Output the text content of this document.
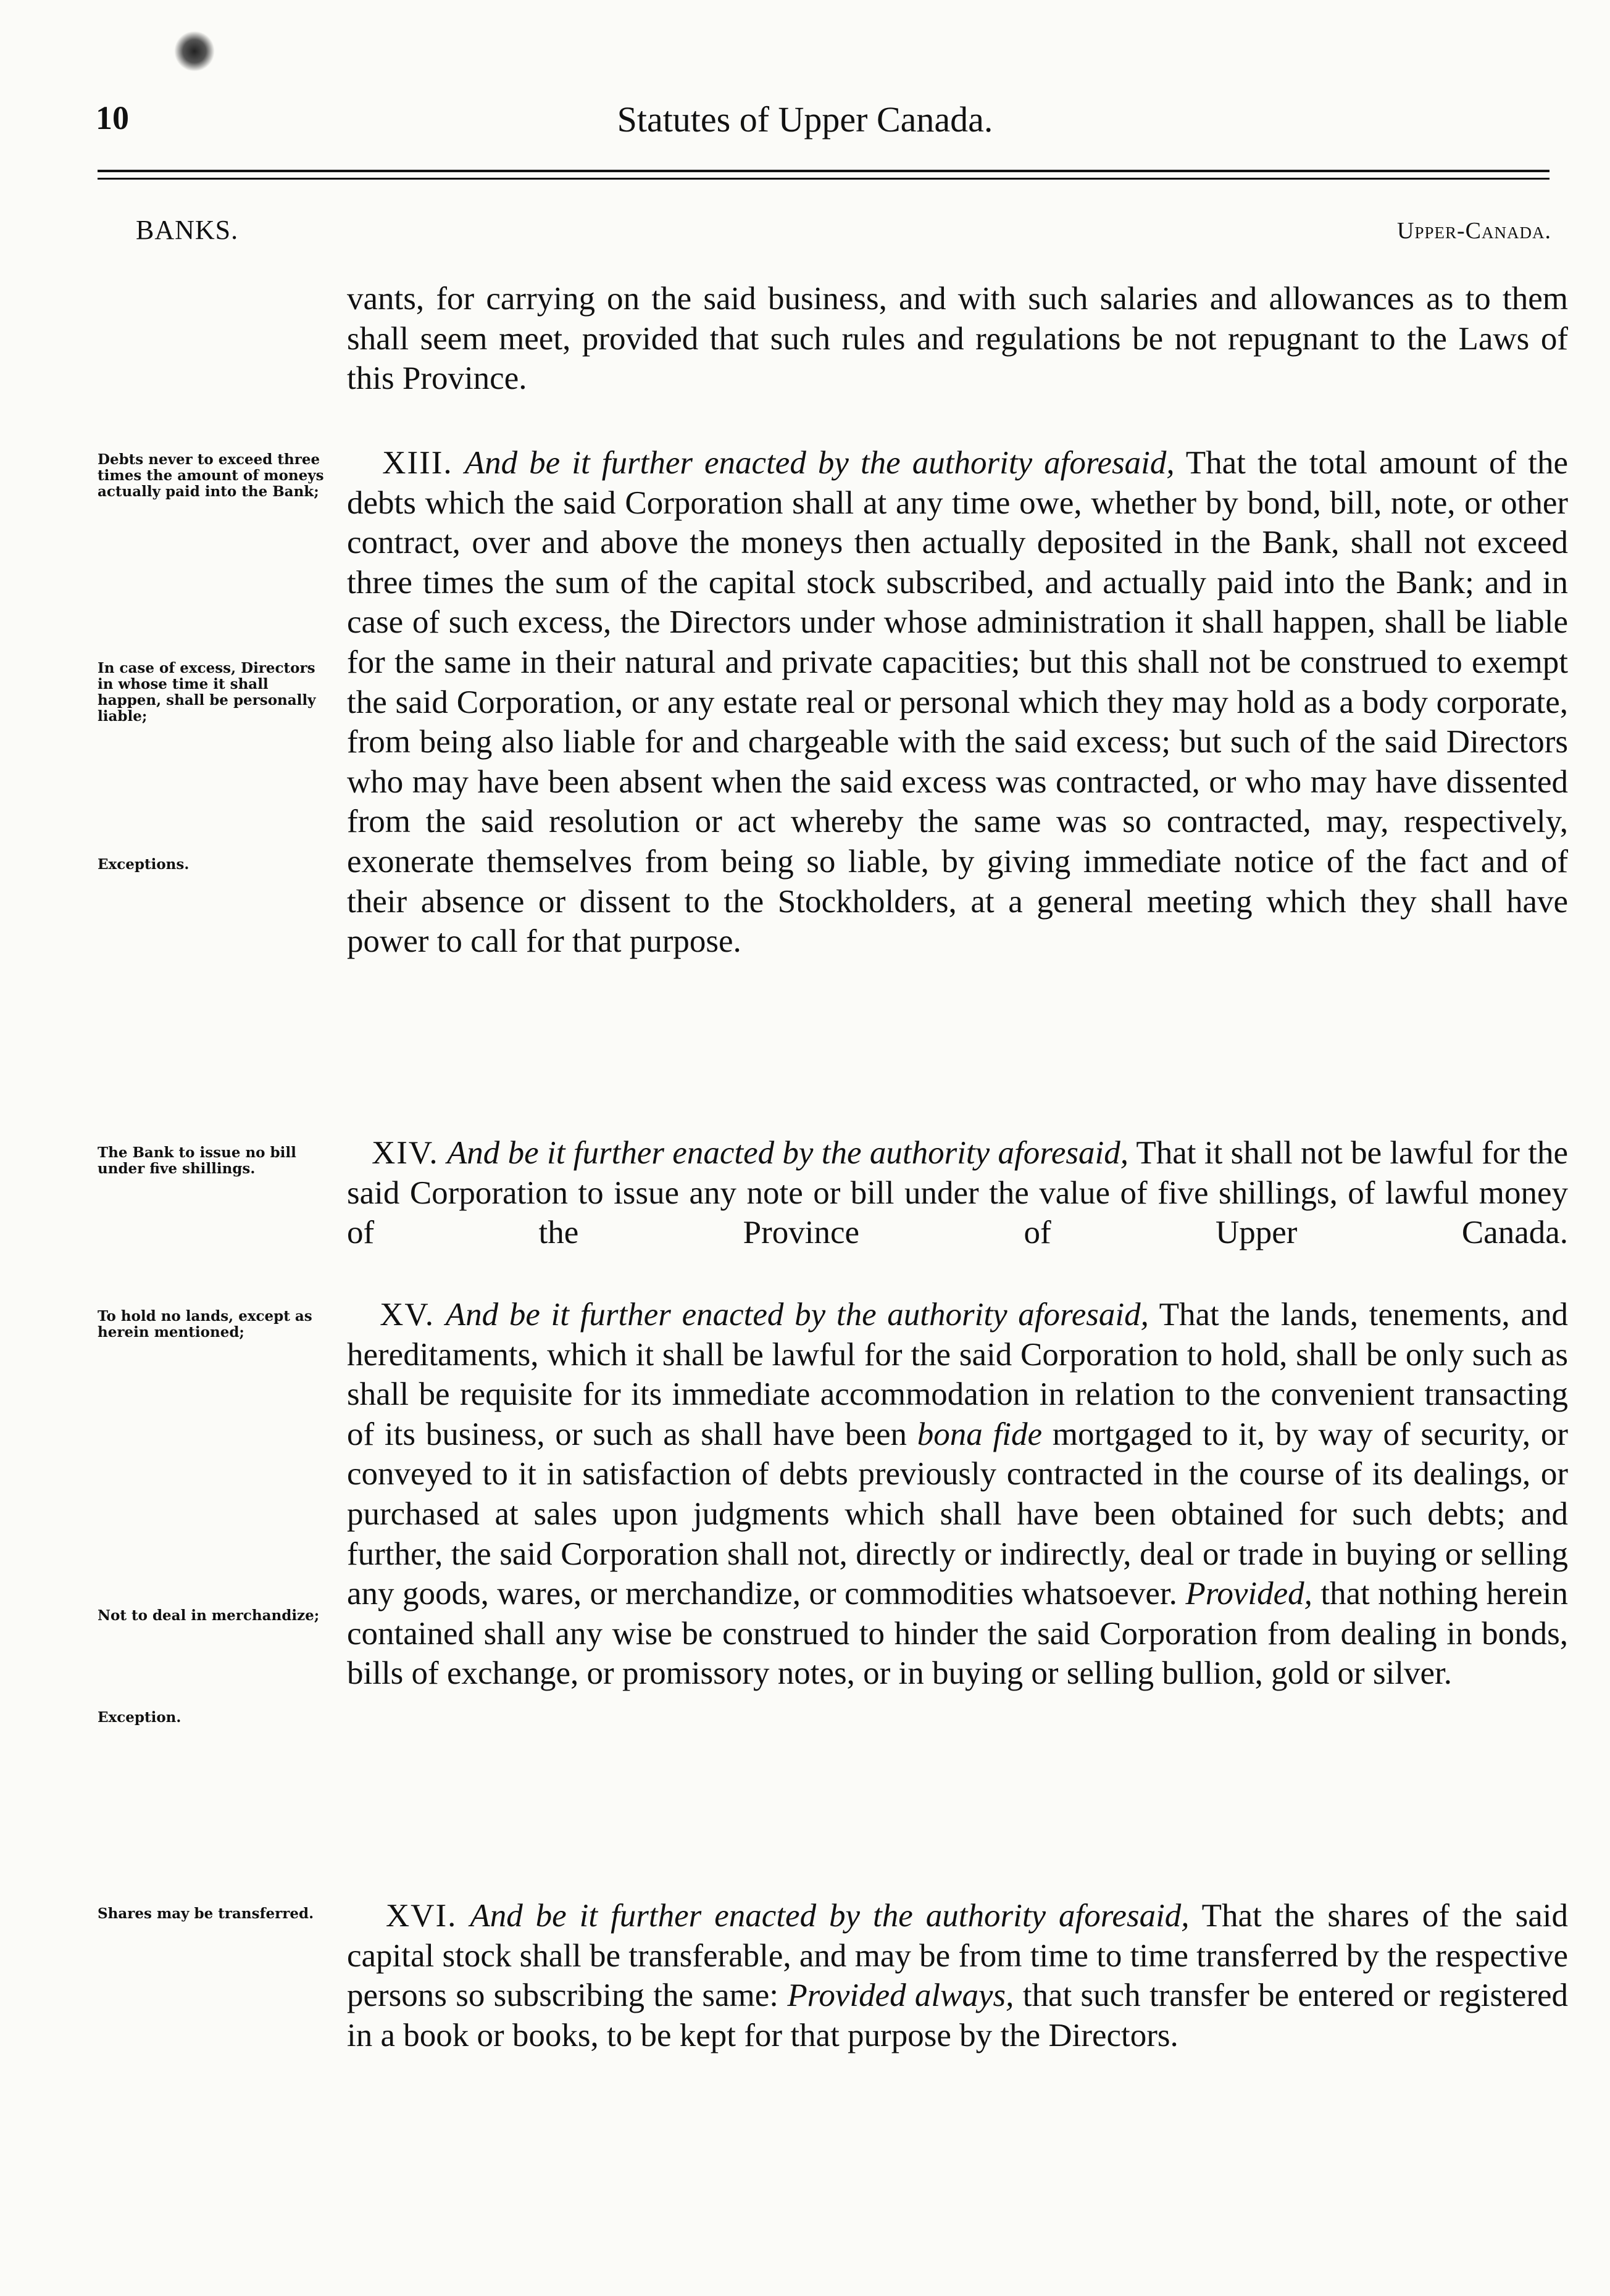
10	Statutes of Upper Canada.
BANKS.	Upper-Canada.
Debts never to exceed three times the amount of moneys actually paid into the Bank;
In case of excess, Directors in whose time it shall happen, shall be personally liable;
Exceptions.
The Bank to issue no bill under five shillings.
To hold no lands, except as herein mentioned;
Not to deal in merchandize;
Exception.
Shares may be transferred.
vants, for carrying on the said business, and with such salaries and allowances as to them shall seem meet, provided that such rules and regulations be not repugnant to the Laws of this Province.
XIII. And be it further enacted by the authority aforesaid, That the total amount of the debts which the said Corporation shall at any time owe, whether by bond, bill, note, or other contract, over and above the moneys then actually deposited in the Bank, shall not exceed three times the sum of the capital stock subscribed, and actually paid into the Bank; and in case of such excess, the Directors under whose administration it shall happen, shall be liable for the same in their natural and private capacities; but this shall not be construed to exempt the said Corporation, or any estate real or personal which they may hold as a body corporate, from being also liable for and chargeable with the said excess; but such of the said Directors who may have been absent when the said excess was contracted, or who may have dissented from the said resolution or act whereby the same was so contracted, may, respectively, exonerate themselves from being so liable, by giving immediate notice of the fact and of their absence or dissent to the Stockholders, at a general meeting which they shall have power to call for that purpose.
XIV. And be it further enacted by the authority aforesaid, That it shall not be lawful for the said Corporation to issue any note or bill under the value of five shillings, of lawful money of the Province of Upper Canada.
XV. And be it further enacted by the authority aforesaid, That the lands, tenements, and hereditaments, which it shall be lawful for the said Corporation to hold, shall be only such as shall be requisite for its immediate accommodation in relation to the convenient transacting of its business, or such as shall have been bona fide mortgaged to it, by way of security, or conveyed to it in satisfaction of debts previously contracted in the course of its dealings, or purchased at sales upon judgments which shall have been obtained for such debts; and further, the said Corporation shall not, directly or indirectly, deal or trade in buying or selling any goods, wares, or merchandize, or commodities whatsoever. Provided, that nothing herein contained shall any wise be construed to hinder the said Corporation from dealing in bonds, bills of exchange, or promissory notes, or in buying or selling bullion, gold or silver.
XVI. And be it further enacted by the authority aforesaid, That the shares of the said capital stock shall be transferable, and may be from time to time transferred by the respective persons so subscribing the same: Provided always, that such transfer be entered or registered in a book or books, to be kept for that purpose by the Directors.
